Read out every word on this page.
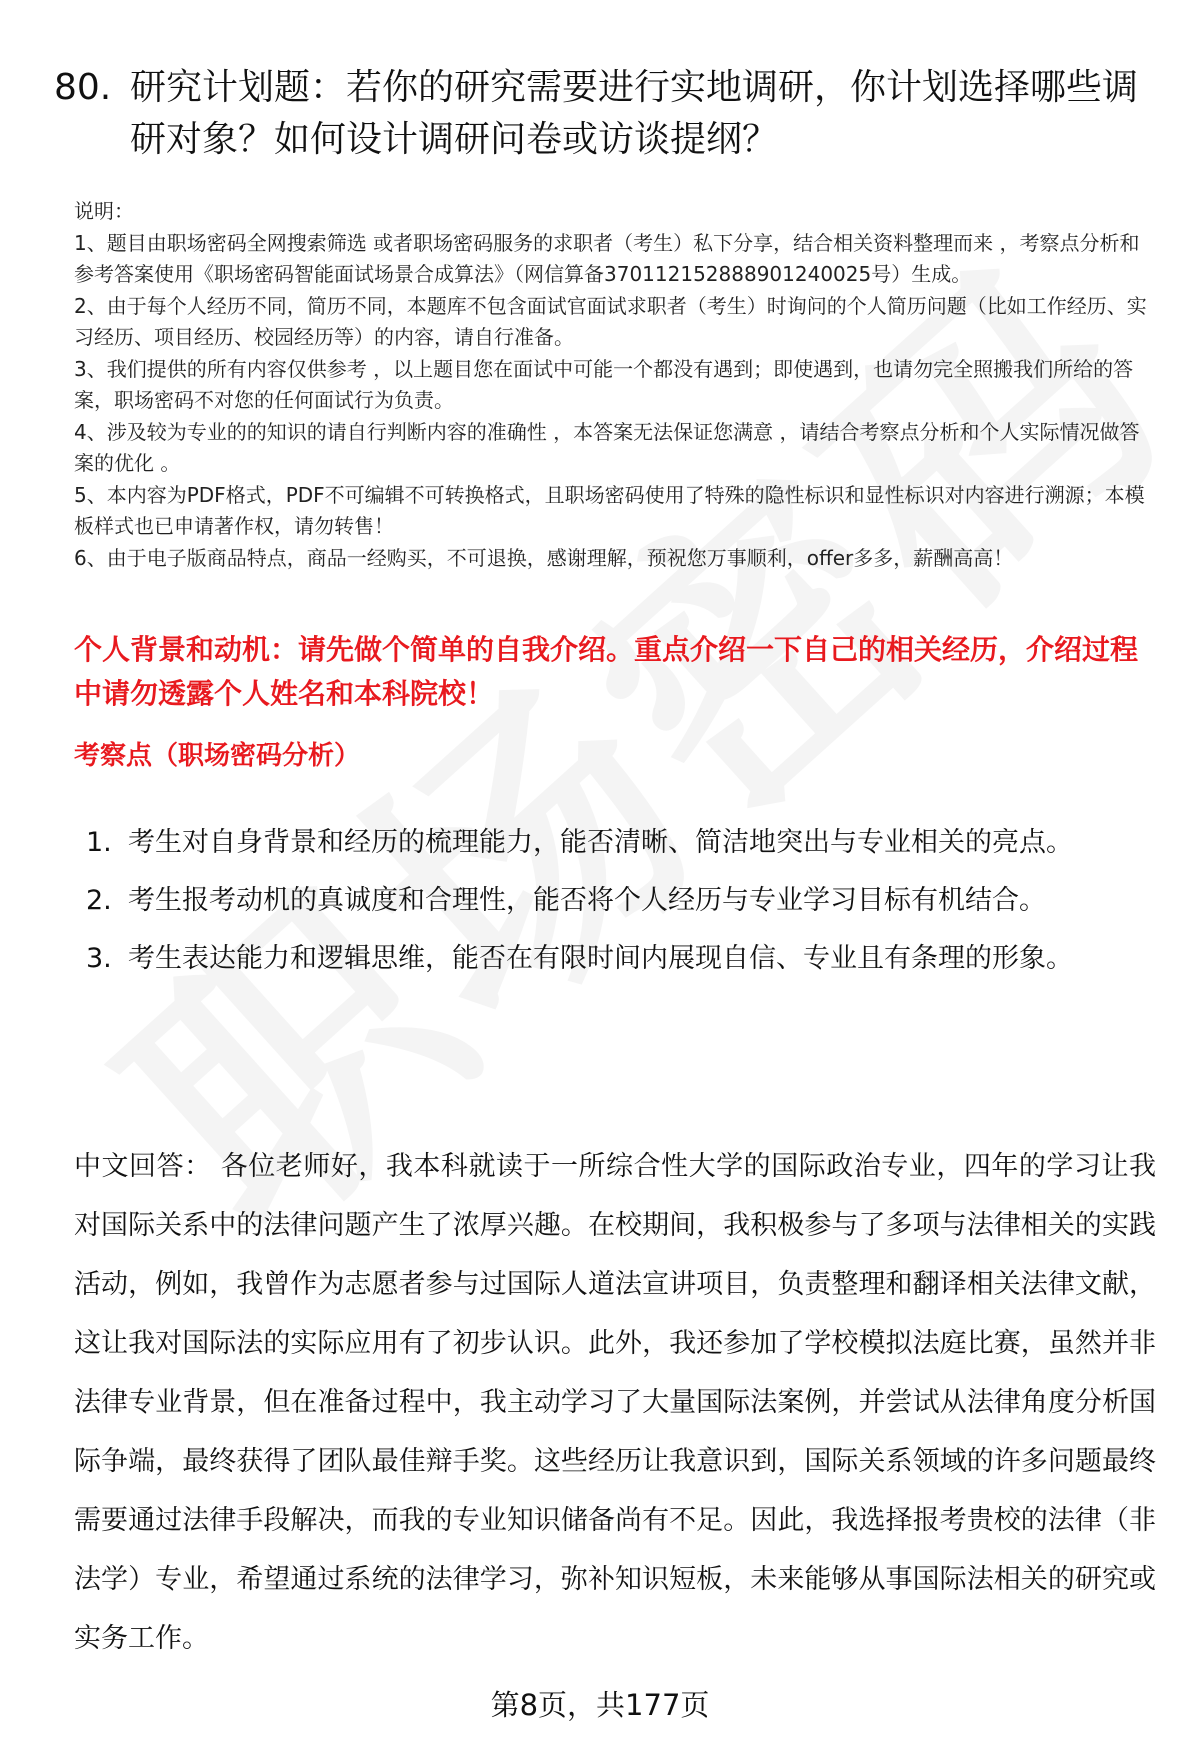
80. 研究计划题：若你的研究需要进行实地调研，你计划选择哪些调研对象？如何设计调研问卷或访谈提纲？
说明：
1、题目由职场密码全网搜索筛选 或者职场密码服务的求职者（考生）私下分享，结合相关资料整理而来 ，考察点分析和参考答案使用《职场密码智能面试场景合成算法》（网信算备370112152888901240025号）生成。
2、由于每个人经历不同，简历不同，本题库不包含面试官面试求职者（考生）时询问的个人简历问题（比如工作经历、实习经历、项目经历、校园经历等）的内容，请自行准备。
3、我们提供的所有内容仅供参考 ，以上题目您在面试中可能一个都没有遇到；即使遇到，也请勿完全照搬我们所给的答案，职场密码不对您的任何面试行为负责。
4、涉及较为专业的的知识的请自行判断内容的准确性 ，本答案无法保证您满意 ，请结合考察点分析和个人实际情况做答案的优化 。
5、本内容为PDF格式，PDF不可编辑不可转换格式，且职场密码使用了特殊的隐性标识和显性标识对内容进行溯源；本模板样式也已申请著作权，请勿转售！
6、由于电子版商品特点，商品一经购买，不可退换，感谢理解，预祝您万事顺利，offer多多，薪酬高高！
个人背景和动机：请先做个简单的自我介绍。重点介绍一下自己的相关经历，介绍过程中请勿透露个人姓名和本科院校！
考察点（职场密码分析）
1. 考生对自身背景和经历的梳理能力，能否清晰、简洁地突出与专业相关的亮点。
2. 考生报考动机的真诚度和合理性，能否将个人经历与专业学习目标有机结合。
3. 考生表达能力和逻辑思维，能否在有限时间内展现自信、专业且有条理的形象。
中文回答： 各位老师好，我本科就读于一所综合性大学的国际政治专业，四年的学习让我对国际关系中的法律问题产生了浓厚兴趣。在校期间，我积极参与了多项与法律相关的实践活动，例如，我曾作为志愿者参与过国际人道法宣讲项目，负责整理和翻译相关法律文献，这让我对国际法的实际应用有了初步认识。此外，我还参加了学校模拟法庭比赛，虽然并非法律专业背景，但在准备过程中，我主动学习了大量国际法案例，并尝试从法律角度分析国际争端，最终获得了团队最佳辩手奖。这些经历让我意识到，国际关系领域的许多问题最终需要通过法律手段解决，而我的专业知识储备尚有不足。因此，我选择报考贵校的法律（非法学）专业，希望通过系统的法律学习，弥补知识短板，未来能够从事国际法相关的研究或实务工作。
第8页，共177页
